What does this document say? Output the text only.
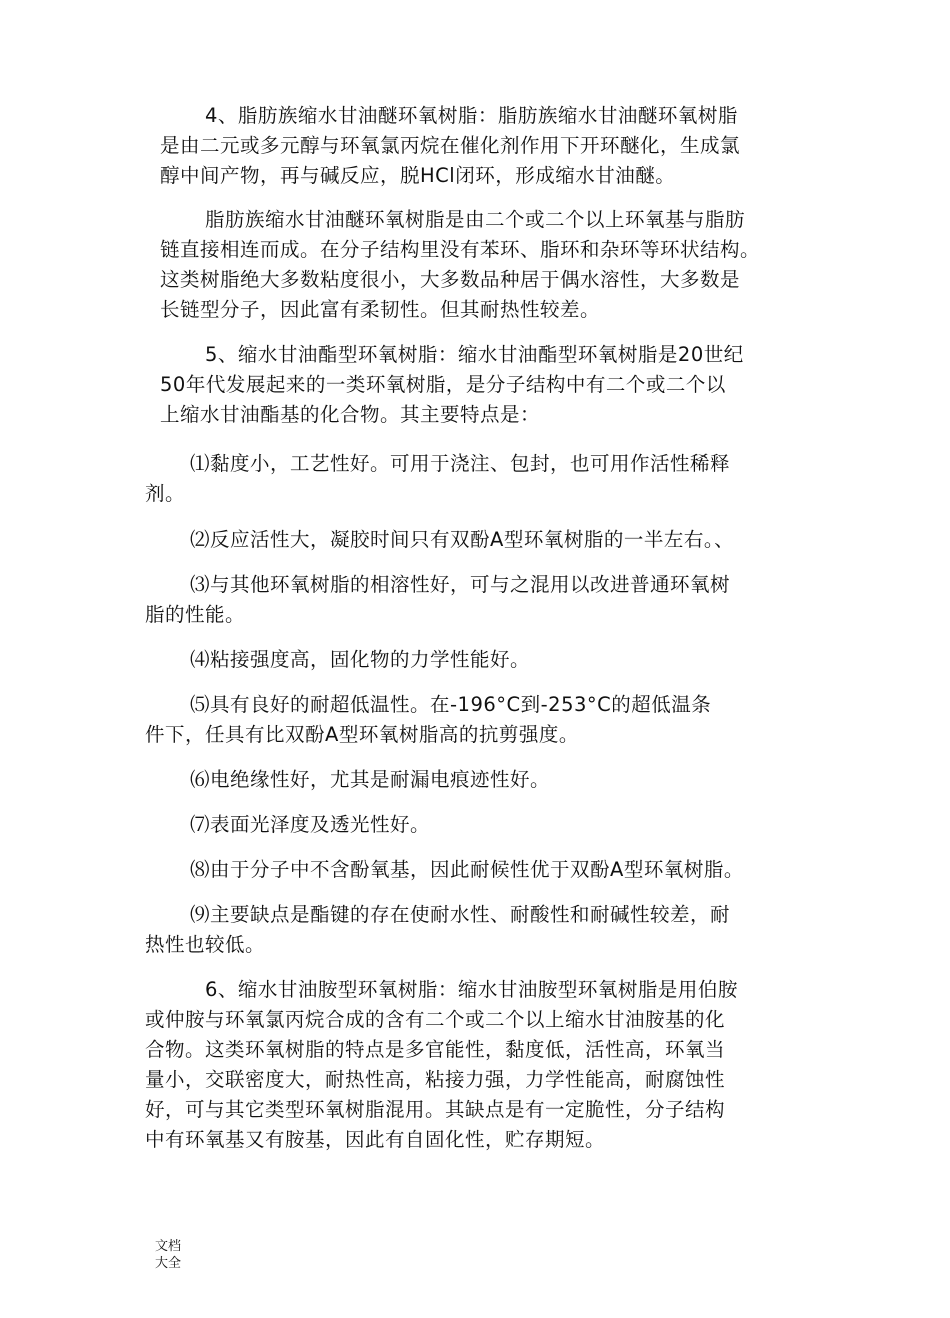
4、脂肪族缩水甘油醚环氧树脂：脂肪族缩水甘油醚环氧树脂
是由二元或多元醇与环氧氯丙烷在催化剂作用下开环醚化，生成氯
醇中间产物，再与碱反应，脱HCl闭环，形成缩水甘油醚。
脂肪族缩水甘油醚环氧树脂是由二个或二个以上环氧基与脂肪
链直接相连而成。在分子结构里没有苯环、脂环和杂环等环状结构。
这类树脂绝大多数粘度很小，大多数品种居于偶水溶性，大多数是
长链型分子，因此富有柔韧性。但其耐热性较差。
5、缩水甘油酯型环氧树脂：缩水甘油酯型环氧树脂是20世纪
50年代发展起来的一类环氧树脂，是分子结构中有二个或二个以
上缩水甘油酯基的化合物。其主要特点是：
⑴黏度小，工艺性好。可用于浇注、包封，也可用作活性稀释
剂。
⑵反应活性大，凝胶时间只有双酚A型环氧树脂的一半左右。、
⑶与其他环氧树脂的相溶性好，可与之混用以改进普通环氧树
脂的性能。
⑷粘接强度高，固化物的力学性能好。
⑸具有良好的耐超低温性。在-196°C到-253°C的超低温条
件下，任具有比双酚A型环氧树脂高的抗剪强度。
⑹电绝缘性好，尤其是耐漏电痕迹性好。
⑺表面光泽度及透光性好。
⑻由于分子中不含酚氧基，因此耐候性优于双酚A型环氧树脂。
⑼主要缺点是酯键的存在使耐水性、耐酸性和耐碱性较差，耐
热性也较低。
6、缩水甘油胺型环氧树脂：缩水甘油胺型环氧树脂是用伯胺
或仲胺与环氧氯丙烷合成的含有二个或二个以上缩水甘油胺基的化
合物。这类环氧树脂的特点是多官能性，黏度低，活性高，环氧当
量小，交联密度大，耐热性高，粘接力强，力学性能高，耐腐蚀性
好，可与其它类型环氧树脂混用。其缺点是有一定脆性，分子结构
中有环氧基又有胺基，因此有自固化性，贮存期短。
文档
大全
